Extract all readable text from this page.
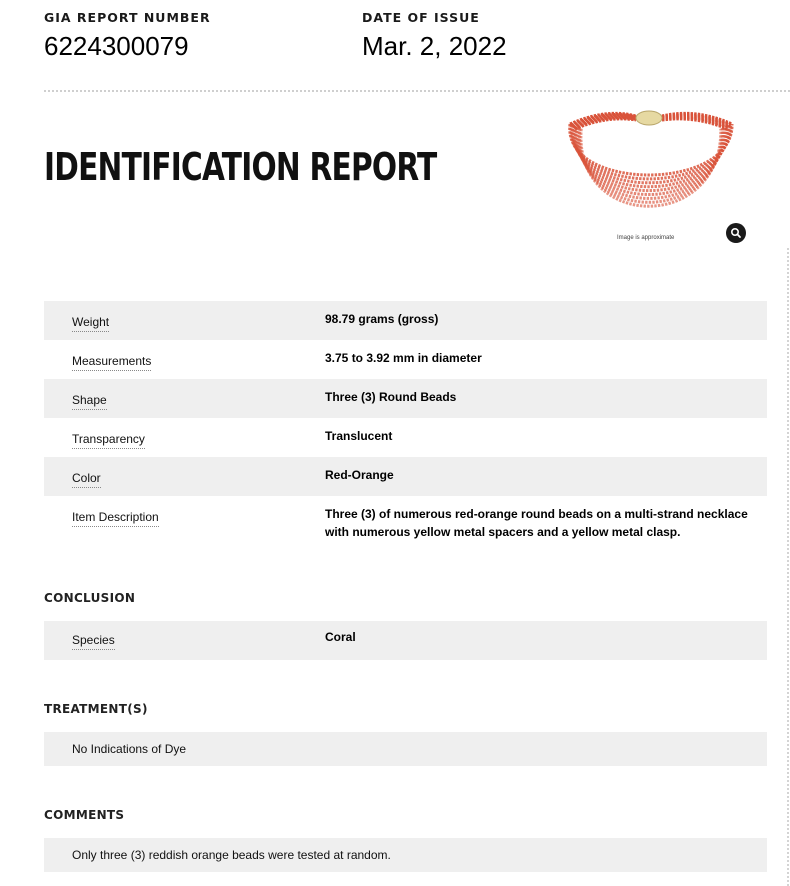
GIA REPORT NUMBER
6224300079
DATE OF ISSUE
Mar. 2, 2022
IDENTIFICATION REPORT
Image is approximate
Weight	98.79 grams (gross)
Measurements	3.75 to 3.92 mm in diameter
Shape	Three (3) Round Beads
Transparency	Translucent
Color	Red-Orange
Item Description	Three (3) of numerous red-orange round beads on a multi-strand necklace with numerous yellow metal spacers and a yellow metal clasp.
CONCLUSION
Species	Coral
TREATMENT(S)
No Indications of Dye
COMMENTS
Only three (3) reddish orange beads were tested at random.
